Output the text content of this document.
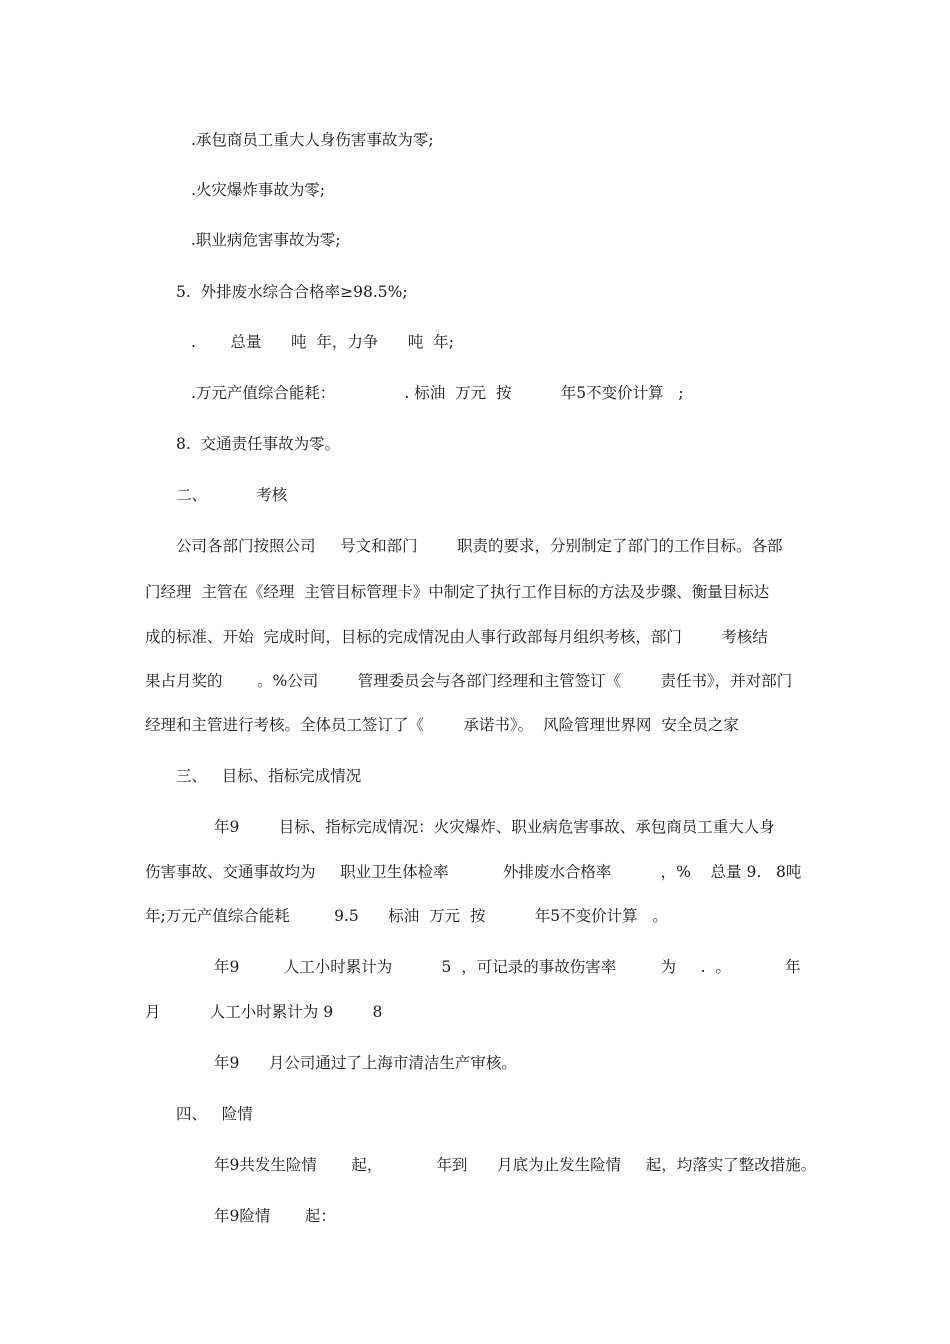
.承包商员工重大人身伤害事故为零;
.火灾爆炸事故为零;
.职业病危害事故为零;
5.  外排废水综合合格率≥98.5%;
.       总量      吨  年，力争      吨  年;
.万元产值综合能耗：              . 标油  万元  按          年5不变价计算   ;
8.  交通责任事故为零。
二、          考核
公司各部门按照公司     号文和部门        职责的要求，分别制定了部门的工作目标。各部
门经理  主管在《经理  主管目标管理卡》中制定了执行工作目标的方法及步骤、衡量目标达
成的标准、开始  完成时间，目标的完成情况由人事行政部每月组织考核，部门        考核结
果占月奖的       。%公司        管理委员会与各部门经理和主管签订《        责任书》，并对部门
经理和主管进行考核。全体员工签订了《        承诺书》。  风险管理世界网  安全员之家
三、   目标、指标完成情况
年9        目标、指标完成情况：火灾爆炸、职业病危害事故、承包商员工重大人身
伤害事故、交通事故均为     职业卫生体检率           外排废水合格率          ，%    总量 9.   8吨
年;万元产值综合能耗         9.5      标油  万元  按          年5不变价计算   。
年9         人工小时累计为          5  ，可记录的事故伤害率         为     .  。           年
月          人工小时累计为 9        8
年9      月公司通过了上海市清洁生产审核。
四、   险情
年9共发生险情       起，           年到      月底为止发生险情     起，均落实了整改措施。
年9险情       起：
